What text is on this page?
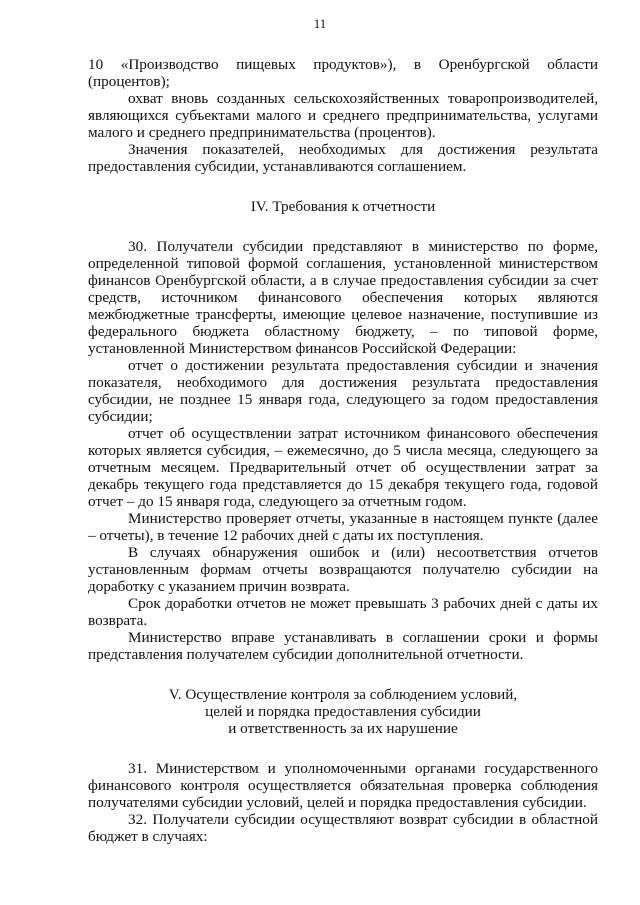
11

10 «Производство пищевых продуктов»), в Оренбургской области (процентов);

охват вновь созданных сельскохозяйственных товаропроизводителей, являющихся субъектами малого и среднего предпринимательства, услугами малого и среднего предпринимательства (процентов).

Значения показателей, необходимых для достижения результата предоставления субсидии, устанавливаются соглашением.

IV. Требования к отчетности

30. Получатели субсидии представляют в министерство по форме, определенной типовой формой соглашения, установленной министерством финансов Оренбургской области, а в случае предоставления субсидии за счет средств, источником финансового обеспечения которых являются межбюджетные трансферты, имеющие целевое назначение, поступившие из федерального бюджета областному бюджету, – по типовой форме, установленной Министерством финансов Российской Федерации:

отчет о достижении результата предоставления субсидии и значения показателя, необходимого для достижения результата предоставления субсидии, не позднее 15 января года, следующего за годом предоставления субсидии;

отчет об осуществлении затрат источником финансового обеспечения которых является субсидия, – ежемесячно, до 5 числа месяца, следующего за отчетным месяцем. Предварительный отчет об осуществлении затрат за декабрь текущего года представляется до 15 декабря текущего года, годовой отчет – до 15 января года, следующего за отчетным годом.

Министерство проверяет отчеты, указанные в настоящем пункте (далее – отчеты), в течение 12 рабочих дней с даты их поступления.

В случаях обнаружения ошибок и (или) несоответствия отчетов установленным формам отчеты возвращаются получателю субсидии на доработку с указанием причин возврата.

Срок доработки отчетов не может превышать 3 рабочих дней с даты их возврата.

Министерство вправе устанавливать в соглашении сроки и формы представления получателем субсидии дополнительной отчетности.

V. Осуществление контроля за соблюдением условий,
целей и порядка предоставления субсидии
и ответственность за их нарушение

31. Министерством и уполномоченными органами государственного финансового контроля осуществляется обязательная проверка соблюдения получателями субсидии условий, целей и порядка предоставления субсидии.

32. Получатели субсидии осуществляют возврат субсидии в областной бюджет в случаях:
